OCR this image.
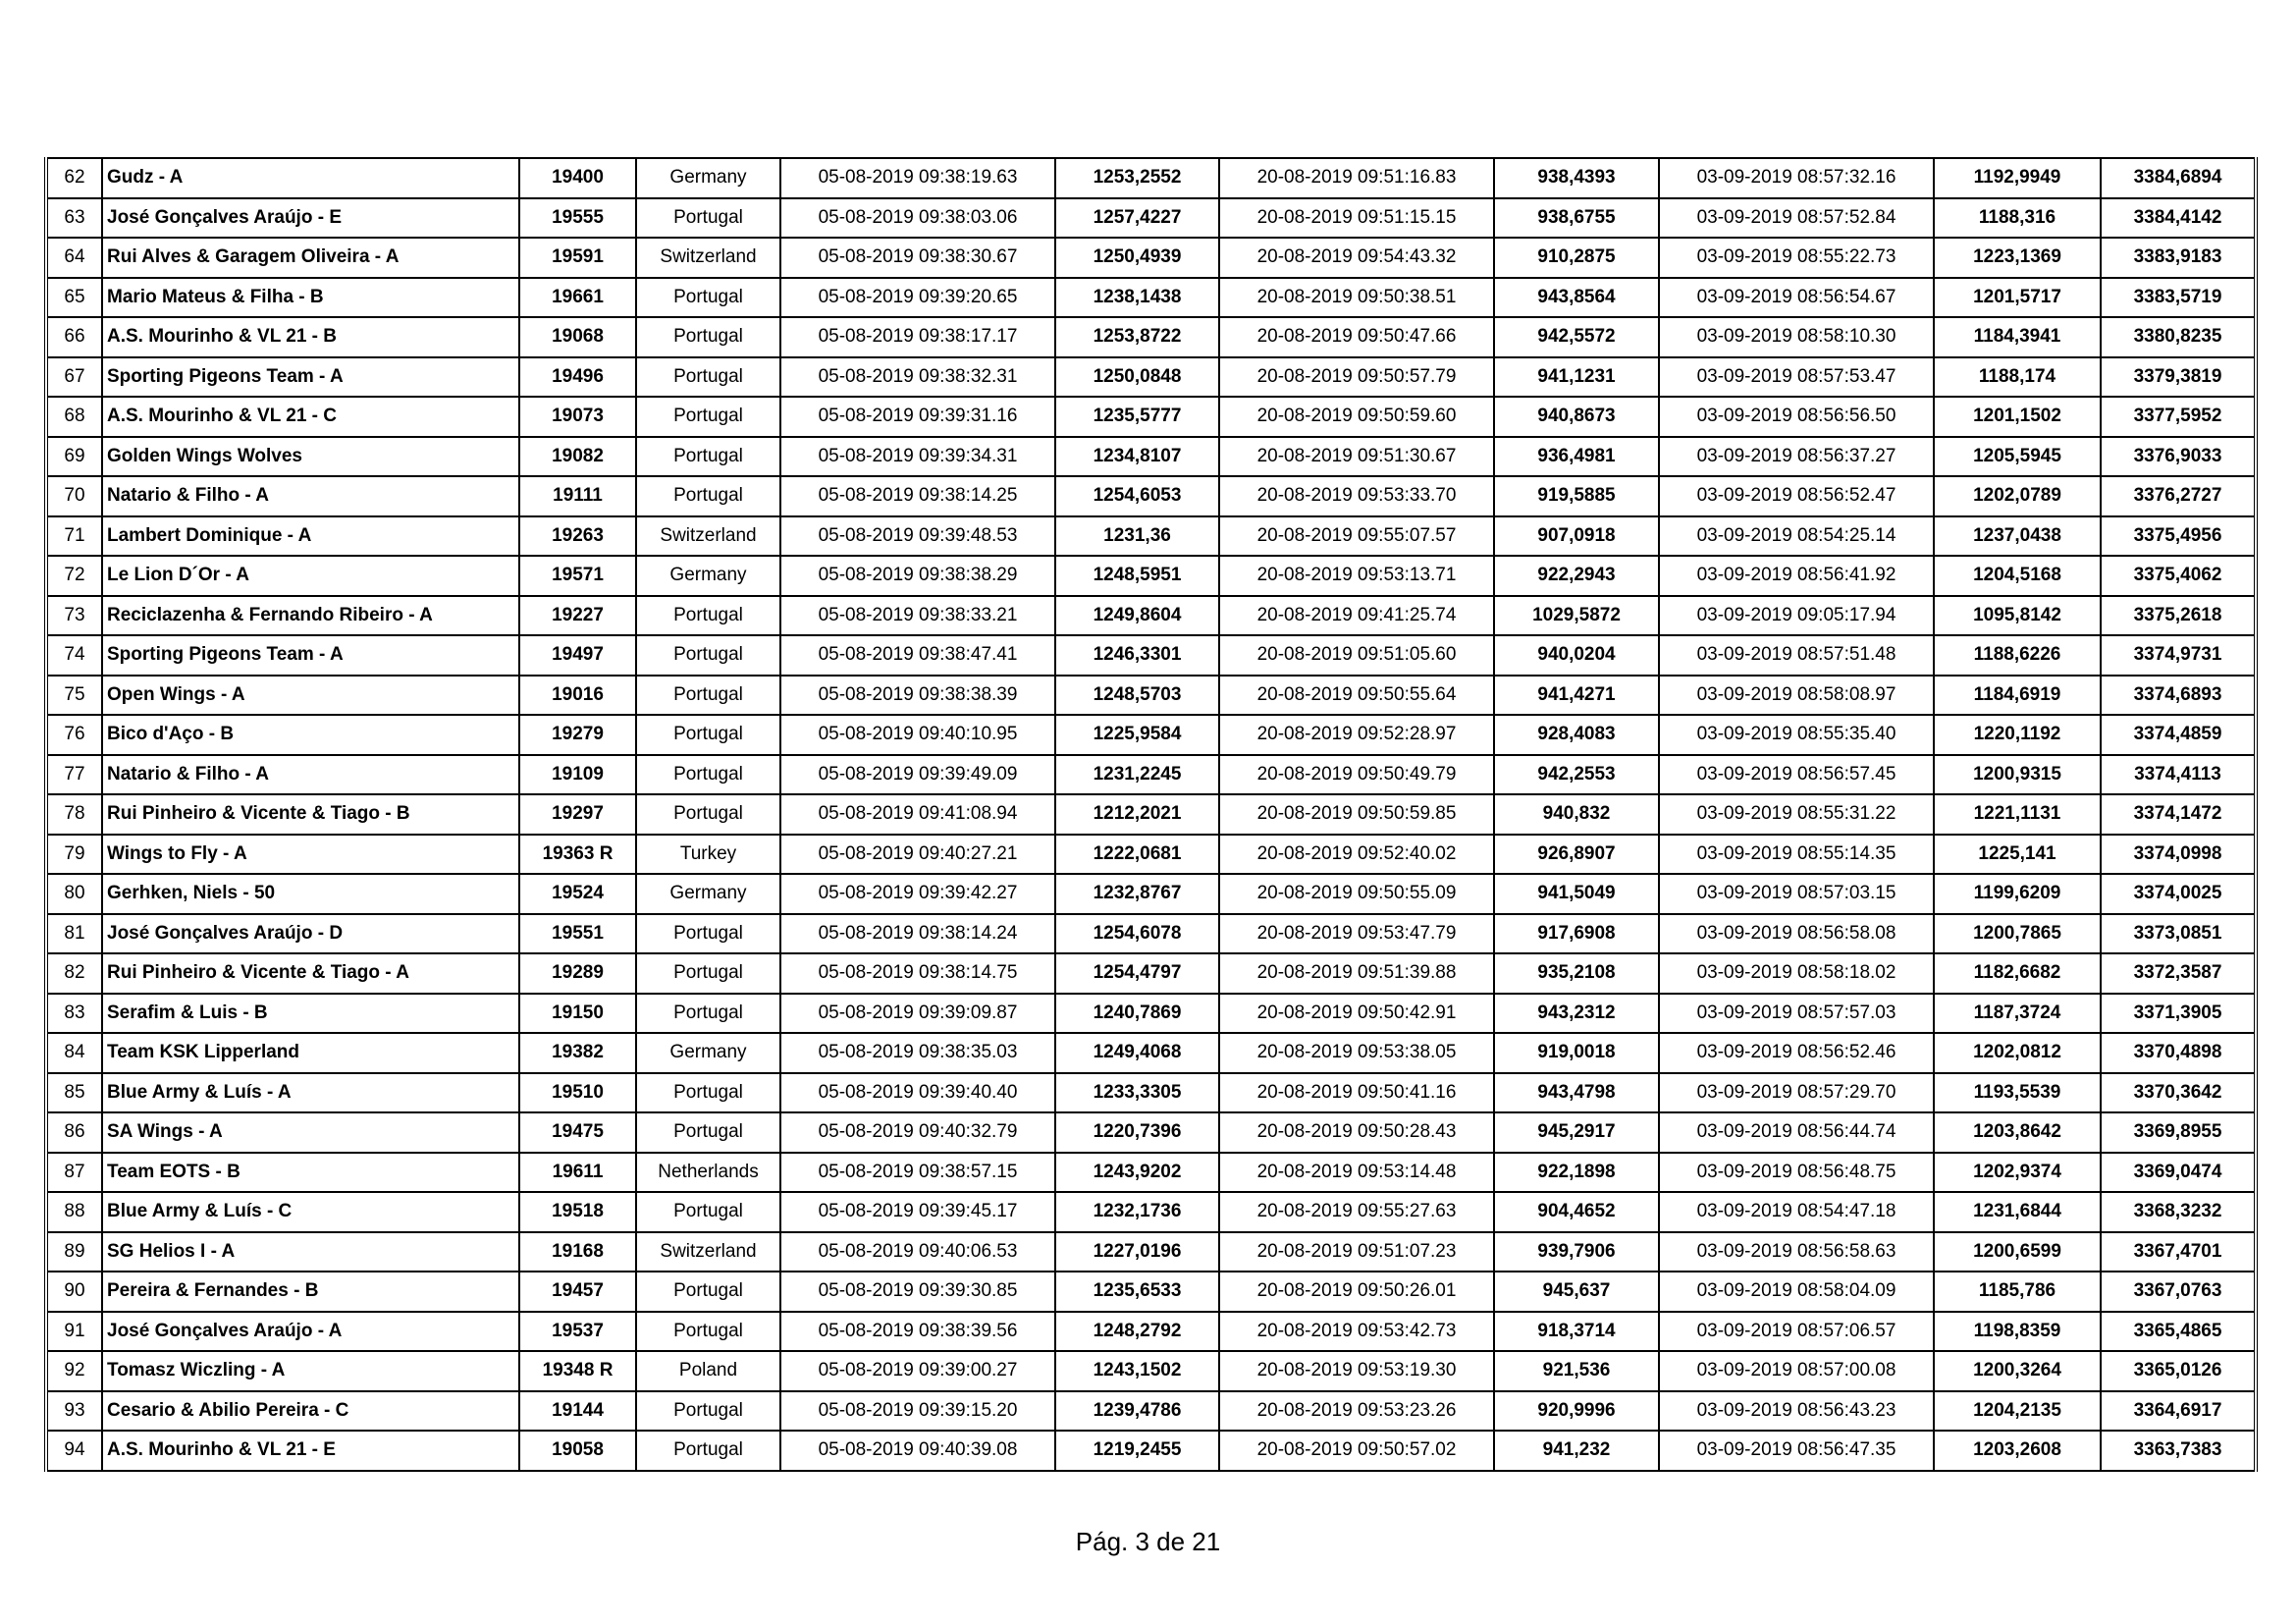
62	Gudz - A	19400	Germany	05-08-2019 09:38:19.63	1253,2552	20-08-2019 09:51:16.83	938,4393	03-09-2019 08:57:32.16	1192,9949	3384,6894
63	José Gonçalves Araújo - E	19555	Portugal	05-08-2019 09:38:03.06	1257,4227	20-08-2019 09:51:15.15	938,6755	03-09-2019 08:57:52.84	1188,316	3384,4142
64	Rui Alves & Garagem Oliveira - A	19591	Switzerland	05-08-2019 09:38:30.67	1250,4939	20-08-2019 09:54:43.32	910,2875	03-09-2019 08:55:22.73	1223,1369	3383,9183
65	Mario Mateus & Filha - B	19661	Portugal	05-08-2019 09:39:20.65	1238,1438	20-08-2019 09:50:38.51	943,8564	03-09-2019 08:56:54.67	1201,5717	3383,5719
66	A.S. Mourinho & VL 21 - B	19068	Portugal	05-08-2019 09:38:17.17	1253,8722	20-08-2019 09:50:47.66	942,5572	03-09-2019 08:58:10.30	1184,3941	3380,8235
67	Sporting Pigeons Team - A	19496	Portugal	05-08-2019 09:38:32.31	1250,0848	20-08-2019 09:50:57.79	941,1231	03-09-2019 08:57:53.47	1188,174	3379,3819
68	A.S. Mourinho & VL 21 - C	19073	Portugal	05-08-2019 09:39:31.16	1235,5777	20-08-2019 09:50:59.60	940,8673	03-09-2019 08:56:56.50	1201,1502	3377,5952
69	Golden Wings Wolves	19082	Portugal	05-08-2019 09:39:34.31	1234,8107	20-08-2019 09:51:30.67	936,4981	03-09-2019 08:56:37.27	1205,5945	3376,9033
70	Natario & Filho - A	19111	Portugal	05-08-2019 09:38:14.25	1254,6053	20-08-2019 09:53:33.70	919,5885	03-09-2019 08:56:52.47	1202,0789	3376,2727
71	Lambert Dominique - A	19263	Switzerland	05-08-2019 09:39:48.53	1231,36	20-08-2019 09:55:07.57	907,0918	03-09-2019 08:54:25.14	1237,0438	3375,4956
72	Le Lion D´Or - A	19571	Germany	05-08-2019 09:38:38.29	1248,5951	20-08-2019 09:53:13.71	922,2943	03-09-2019 08:56:41.92	1204,5168	3375,4062
73	Reciclazenha & Fernando Ribeiro - A	19227	Portugal	05-08-2019 09:38:33.21	1249,8604	20-08-2019 09:41:25.74	1029,5872	03-09-2019 09:05:17.94	1095,8142	3375,2618
74	Sporting Pigeons Team - A	19497	Portugal	05-08-2019 09:38:47.41	1246,3301	20-08-2019 09:51:05.60	940,0204	03-09-2019 08:57:51.48	1188,6226	3374,9731
75	Open Wings - A	19016	Portugal	05-08-2019 09:38:38.39	1248,5703	20-08-2019 09:50:55.64	941,4271	03-09-2019 08:58:08.97	1184,6919	3374,6893
76	Bico d'Aço - B	19279	Portugal	05-08-2019 09:40:10.95	1225,9584	20-08-2019 09:52:28.97	928,4083	03-09-2019 08:55:35.40	1220,1192	3374,4859
77	Natario & Filho - A	19109	Portugal	05-08-2019 09:39:49.09	1231,2245	20-08-2019 09:50:49.79	942,2553	03-09-2019 08:56:57.45	1200,9315	3374,4113
78	Rui Pinheiro & Vicente & Tiago - B	19297	Portugal	05-08-2019 09:41:08.94	1212,2021	20-08-2019 09:50:59.85	940,832	03-09-2019 08:55:31.22	1221,1131	3374,1472
79	Wings to Fly - A	19363 R	Turkey	05-08-2019 09:40:27.21	1222,0681	20-08-2019 09:52:40.02	926,8907	03-09-2019 08:55:14.35	1225,141	3374,0998
80	Gerhken, Niels - 50	19524	Germany	05-08-2019 09:39:42.27	1232,8767	20-08-2019 09:50:55.09	941,5049	03-09-2019 08:57:03.15	1199,6209	3374,0025
81	José Gonçalves Araújo - D	19551	Portugal	05-08-2019 09:38:14.24	1254,6078	20-08-2019 09:53:47.79	917,6908	03-09-2019 08:56:58.08	1200,7865	3373,0851
82	Rui Pinheiro & Vicente & Tiago - A	19289	Portugal	05-08-2019 09:38:14.75	1254,4797	20-08-2019 09:51:39.88	935,2108	03-09-2019 08:58:18.02	1182,6682	3372,3587
83	Serafim & Luis - B	19150	Portugal	05-08-2019 09:39:09.87	1240,7869	20-08-2019 09:50:42.91	943,2312	03-09-2019 08:57:57.03	1187,3724	3371,3905
84	Team KSK Lipperland	19382	Germany	05-08-2019 09:38:35.03	1249,4068	20-08-2019 09:53:38.05	919,0018	03-09-2019 08:56:52.46	1202,0812	3370,4898
85	Blue Army & Luís - A	19510	Portugal	05-08-2019 09:39:40.40	1233,3305	20-08-2019 09:50:41.16	943,4798	03-09-2019 08:57:29.70	1193,5539	3370,3642
86	SA Wings - A	19475	Portugal	05-08-2019 09:40:32.79	1220,7396	20-08-2019 09:50:28.43	945,2917	03-09-2019 08:56:44.74	1203,8642	3369,8955
87	Team EOTS - B	19611	Netherlands	05-08-2019 09:38:57.15	1243,9202	20-08-2019 09:53:14.48	922,1898	03-09-2019 08:56:48.75	1202,9374	3369,0474
88	Blue Army & Luís - C	19518	Portugal	05-08-2019 09:39:45.17	1232,1736	20-08-2019 09:55:27.63	904,4652	03-09-2019 08:54:47.18	1231,6844	3368,3232
89	SG Helios I - A	19168	Switzerland	05-08-2019 09:40:06.53	1227,0196	20-08-2019 09:51:07.23	939,7906	03-09-2019 08:56:58.63	1200,6599	3367,4701
90	Pereira & Fernandes - B	19457	Portugal	05-08-2019 09:39:30.85	1235,6533	20-08-2019 09:50:26.01	945,637	03-09-2019 08:58:04.09	1185,786	3367,0763
91	José Gonçalves Araújo - A	19537	Portugal	05-08-2019 09:38:39.56	1248,2792	20-08-2019 09:53:42.73	918,3714	03-09-2019 08:57:06.57	1198,8359	3365,4865
92	Tomasz Wiczling - A	19348 R	Poland	05-08-2019 09:39:00.27	1243,1502	20-08-2019 09:53:19.30	921,536	03-09-2019 08:57:00.08	1200,3264	3365,0126
93	Cesario & Abilio Pereira - C	19144	Portugal	05-08-2019 09:39:15.20	1239,4786	20-08-2019 09:53:23.26	920,9996	03-09-2019 08:56:43.23	1204,2135	3364,6917
94	A.S. Mourinho & VL 21 - E	19058	Portugal	05-08-2019 09:40:39.08	1219,2455	20-08-2019 09:50:57.02	941,232	03-09-2019 08:56:47.35	1203,2608	3363,7383
Pág. 3 de 21
